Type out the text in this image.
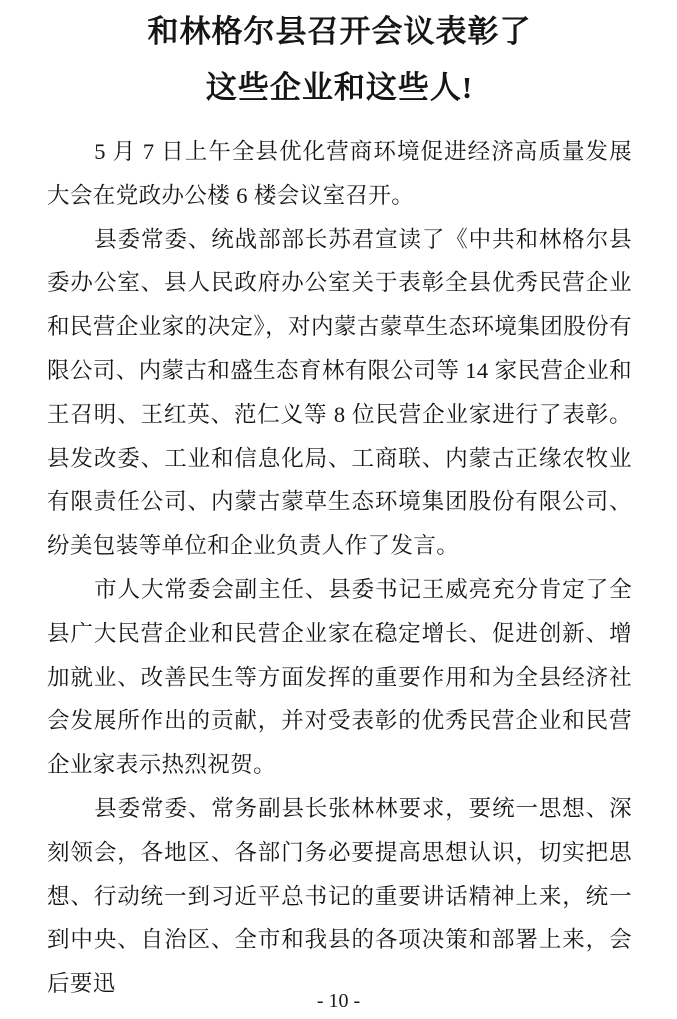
和林格尔县召开会议表彰了
这些企业和这些人!

5 月 7 日上午全县优化营商环境促进经济高质量发展大会在党政办公楼 6 楼会议室召开。

县委常委、统战部部长苏君宣读了《中共和林格尔县委办公室、县人民政府办公室关于表彰全县优秀民营企业和民营企业家的决定》，对内蒙古蒙草生态环境集团股份有限公司、内蒙古和盛生态育林有限公司等 14 家民营企业和王召明、王红英、范仁义等 8 位民营企业家进行了表彰。县发改委、工业和信息化局、工商联、内蒙古正缘农牧业有限责任公司、内蒙古蒙草生态环境集团股份有限公司、纷美包装等单位和企业负责人作了发言。

市人大常委会副主任、县委书记王威亮充分肯定了全县广大民营企业和民营企业家在稳定增长、促进创新、增加就业、改善民生等方面发挥的重要作用和为全县经济社会发展所作出的贡献，并对受表彰的优秀民营企业和民营企业家表示热烈祝贺。

县委常委、常务副县长张林林要求，要统一思想、深刻领会，各地区、各部门务必要提高思想认识，切实把思想、行动统一到习近平总书记的重要讲话精神上来，统一到中央、自治区、全市和我县的各项决策和部署上来，会后要迅

- 10 -
